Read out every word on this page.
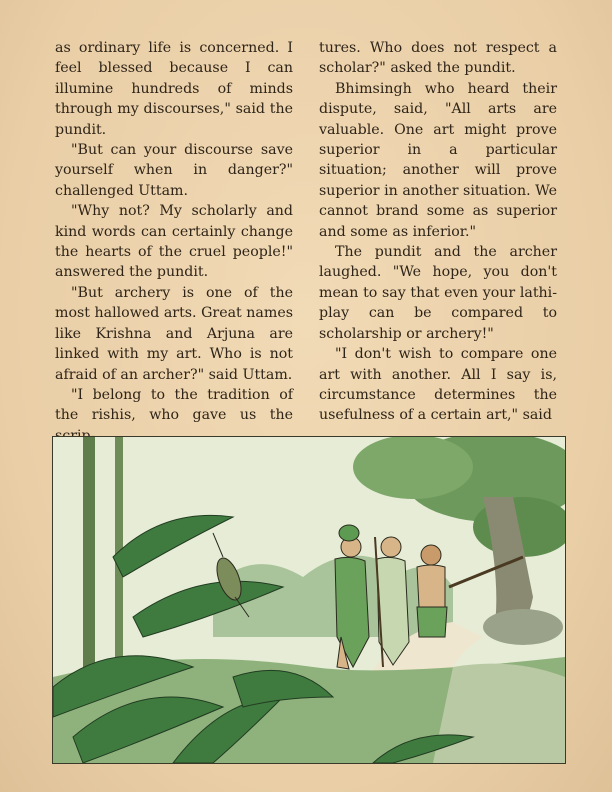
as ordinary life is concerned. I feel blessed because I can illumine hundreds of minds through my discourses," said the pundit.

"But can your discourse save yourself when in danger?" challenged Uttam.

"Why not? My scholarly and kind words can certainly change the hearts of the cruel people!" answered the pundit.

"But archery is one of the most hallowed arts. Great names like Krishna and Arjuna are linked with my art. Who is not afraid of an archer?" said Uttam.

"I belong to the tradition of the rishis, who gave us the

tures. Who does not respect a scholar?" asked the pundit.

Bhimsingh who heard their dispute, said, "All arts are valuable. One art might prove superior in a particular situation; another will prove superior in another situation. We cannot brand some as superior and some as inferior."

The pundit and the archer laughed. "We hope, you don't mean to say that even your lathi-play can be compared to scholarship or archery!"

"I don't wish to compare one art with another. All I say is, circumstance determines the usefulness of a certain art," said
